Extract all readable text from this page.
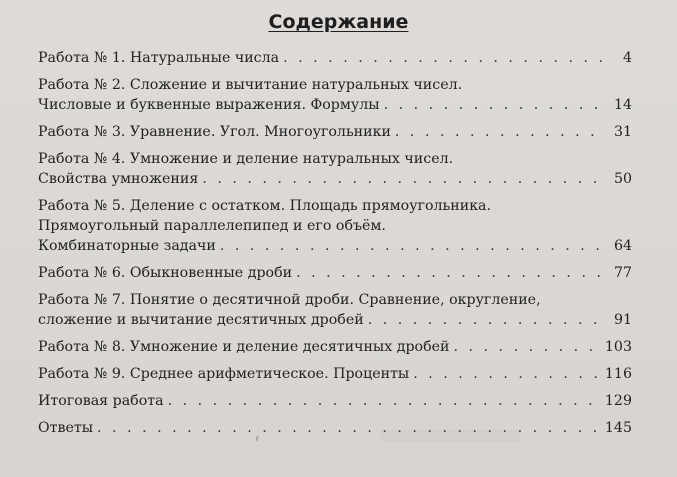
Содержание
Работа № 1. Натуральные числа . . .	4
Работа № 2. Сложение и вычитание натуральных чисел.
Числовые и буквенные выражения. Формулы . . .	14
Работа № 3. Уравнение. Угол. Многоугольники . . .	31
Работа № 4. Умножение и деление натуральных чисел.
Свойства умножения . . .	50
Работа № 5. Деление с остатком. Площадь прямоугольника.
Прямоугольный параллелепипед и его объём.
Комбинаторные задачи . . .	64
Работа № 6. Обыкновенные дроби . . .	77
Работа № 7. Понятие о десятичной дроби. Сравнение, округление,
сложение и вычитание десятичных дробей . . .	91
Работа № 8. Умножение и деление десятичных дробей . . .	103
Работа № 9. Среднее арифметическое. Проценты . . .	116
Итоговая работа . . .	129
Ответы . . .	145
